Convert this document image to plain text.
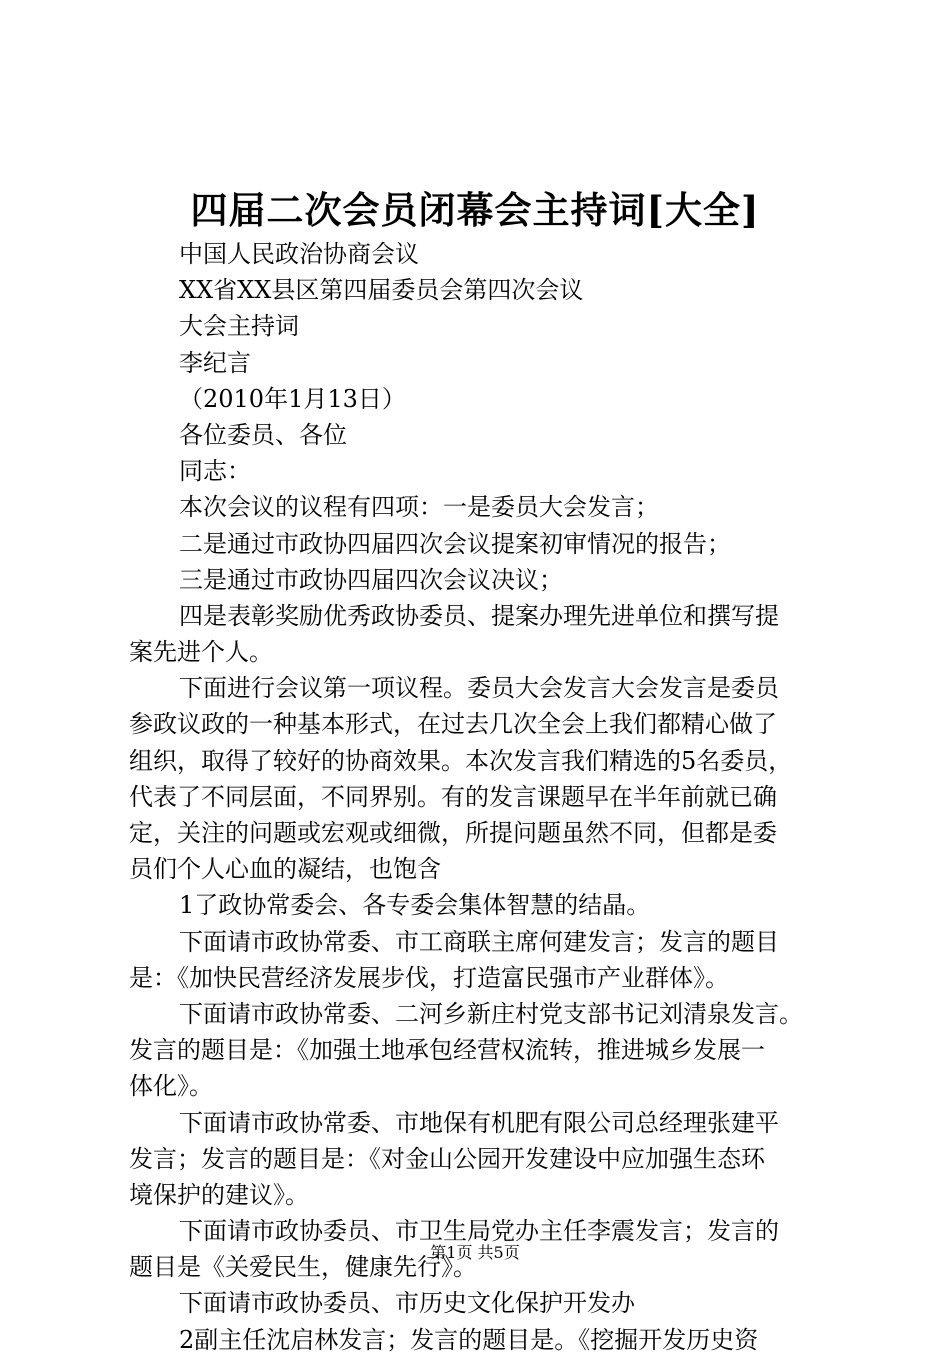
四届二次会员闭幕会主持词[大全]
中国人民政治协商会议
XX省XX县区第四届委员会第四次会议
大会主持词
李纪言
（2010年1月13日）
各位委员、各位
同志：
本次会议的议程有四项：一是委员大会发言；
二是通过市政协四届四次会议提案初审情况的报告；
三是通过市政协四届四次会议决议；
四是表彰奖励优秀政协委员、提案办理先进单位和撰写提
案先进个人。
下面进行会议第一项议程。委员大会发言大会发言是委员
参政议政的一种基本形式，在过去几次全会上我们都精心做了
组织，取得了较好的协商效果。本次发言我们精选的5名委员，
代表了不同层面，不同界别。有的发言课题早在半年前就已确
定，关注的问题或宏观或细微，所提问题虽然不同，但都是委
员们个人心血的凝结，也饱含
1了政协常委会、各专委会集体智慧的结晶。
下面请市政协常委、市工商联主席何建发言；发言的题目
是：《加快民营经济发展步伐，打造富民强市产业群体》。
下面请市政协常委、二河乡新庄村党支部书记刘清泉发言。
发言的题目是：《加强土地承包经营权流转，推进城乡发展一
体化》。
下面请市政协常委、市地保有机肥有限公司总经理张建平
发言；发言的题目是：《对金山公园开发建设中应加强生态环
境保护的建议》。
下面请市政协委员、市卫生局党办主任李震发言；发言的
题目是《关爱民生，健康先行》。
下面请市政协委员、市历史文化保护开发办
2副主任沈启林发言；发言的题目是。《挖掘开发历史资
第1页 共5页
